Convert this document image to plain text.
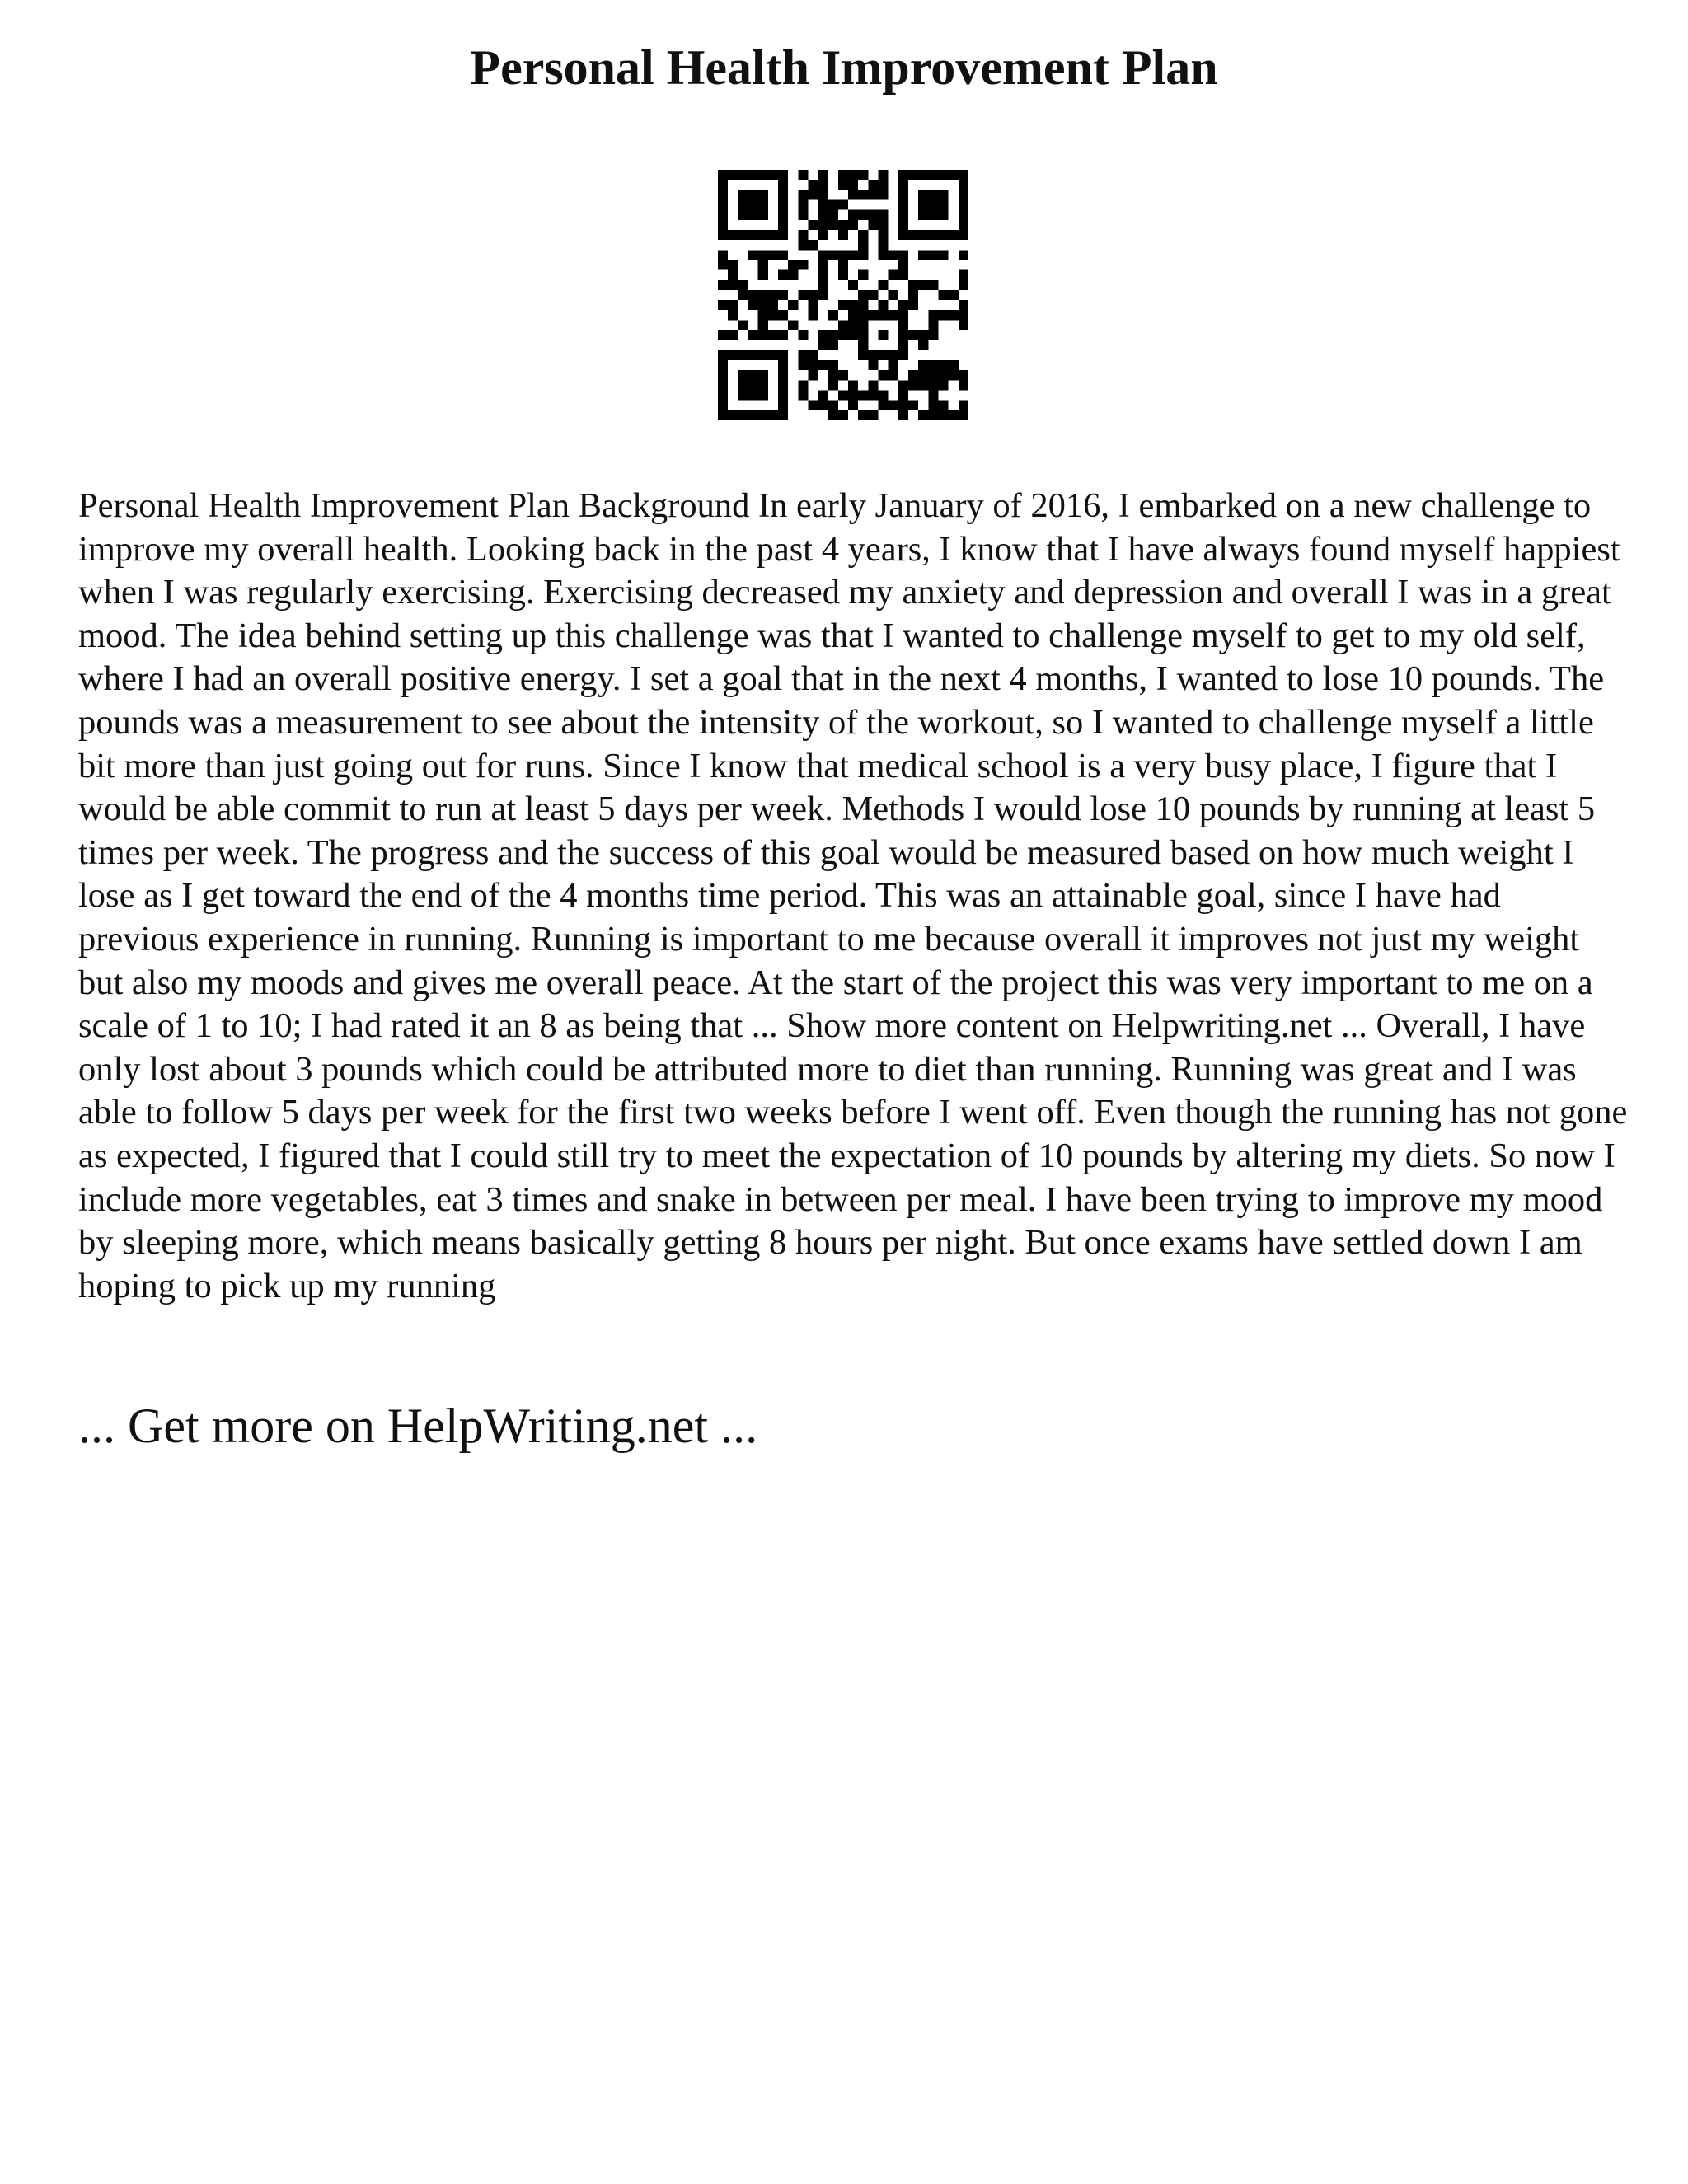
Personal Health Improvement Plan

Personal Health Improvement Plan Background In early January of 2016, I embarked on a new challenge to improve my overall health. Looking back in the past 4 years, I know that I have always found myself happiest when I was regularly exercising. Exercising decreased my anxiety and depression and overall I was in a great mood. The idea behind setting up this challenge was that I wanted to challenge myself to get to my old self, where I had an overall positive energy. I set a goal that in the next 4 months, I wanted to lose 10 pounds. The pounds was a measurement to see about the intensity of the workout, so I wanted to challenge myself a little bit more than just going out for runs. Since I know that medical school is a very busy place, I figure that I would be able commit to run at least 5 days per week. Methods I would lose 10 pounds by running at least 5 times per week. The progress and the success of this goal would be measured based on how much weight I lose as I get toward the end of the 4 months time period. This was an attainable goal, since I have had previous experience in running. Running is important to me because overall it improves not just my weight but also my moods and gives me overall peace. At the start of the project this was very important to me on a scale of 1 to 10; I had rated it an 8 as being that ... Show more content on Helpwriting.net ... Overall, I have only lost about 3 pounds which could be attributed more to diet than running. Running was great and I was able to follow 5 days per week for the first two weeks before I went off. Even though the running has not gone as expected, I figured that I could still try to meet the expectation of 10 pounds by altering my diets. So now I include more vegetables, eat 3 times and snake in between per meal. I have been trying to improve my mood by sleeping more, which means basically getting 8 hours per night. But once exams have settled down I am hoping to pick up my running

... Get more on HelpWriting.net ...
